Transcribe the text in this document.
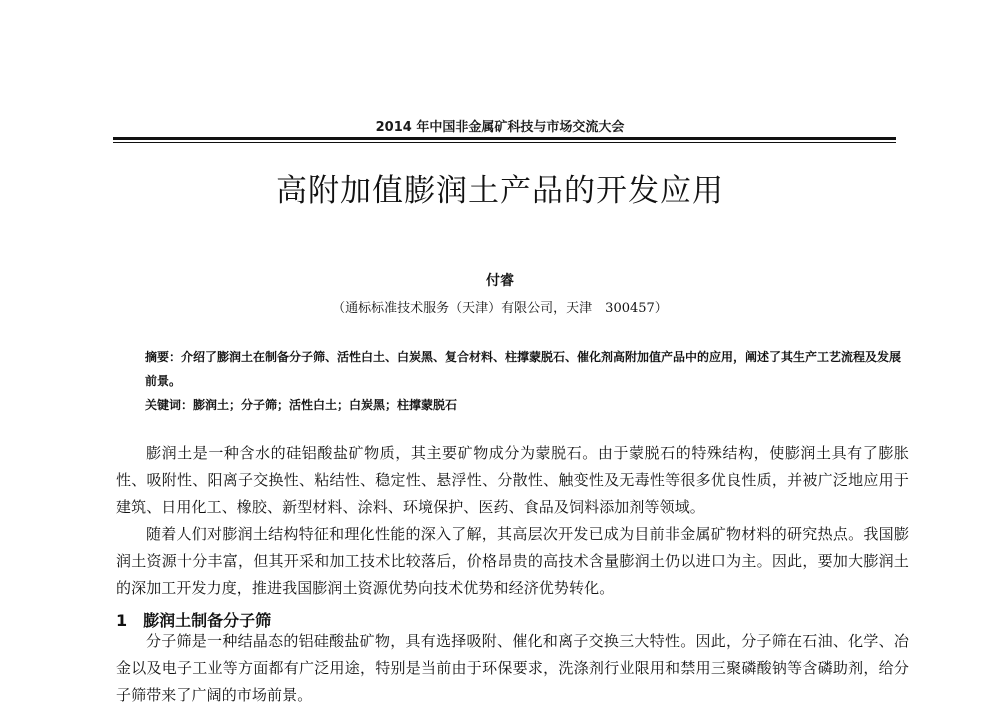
2014 年中国非金属矿科技与市场交流大会
高附加值膨润土产品的开发应用
付睿
（通标标准技术服务（天津）有限公司，天津　300457）
摘要：介绍了膨润土在制备分子筛、活性白土、白炭黑、复合材料、柱撑蒙脱石、催化剂高附加值产品中的应用，阐述了其生产工艺流程及发展前景。
关键词：膨润土；分子筛；活性白土；白炭黑；柱撑蒙脱石
膨润土是一种含水的硅铝酸盐矿物质，其主要矿物成分为蒙脱石。由于蒙脱石的特殊结构，使膨润土具有了膨胀性、吸附性、阳离子交换性、粘结性、稳定性、悬浮性、分散性、触变性及无毒性等很多优良性质，并被广泛地应用于建筑、日用化工、橡胶、新型材料、涂料、环境保护、医药、食品及饲料添加剂等领域。
随着人们对膨润土结构特征和理化性能的深入了解，其高层次开发已成为目前非金属矿物材料的研究热点。我国膨润土资源十分丰富，但其开采和加工技术比较落后，价格昂贵的高技术含量膨润土仍以进口为主。因此，要加大膨润土的深加工开发力度，推进我国膨润土资源优势向技术优势和经济优势转化。
1 膨润土制备分子筛
分子筛是一种结晶态的铝硅酸盐矿物，具有选择吸附、催化和离子交换三大特性。因此，分子筛在石油、化学、冶金以及电子工业等方面都有广泛用途，特别是当前由于环保要求，洗涤剂行业限用和禁用三聚磷酸钠等含磷助剂，给分子筛带来了广阔的市场前景。
